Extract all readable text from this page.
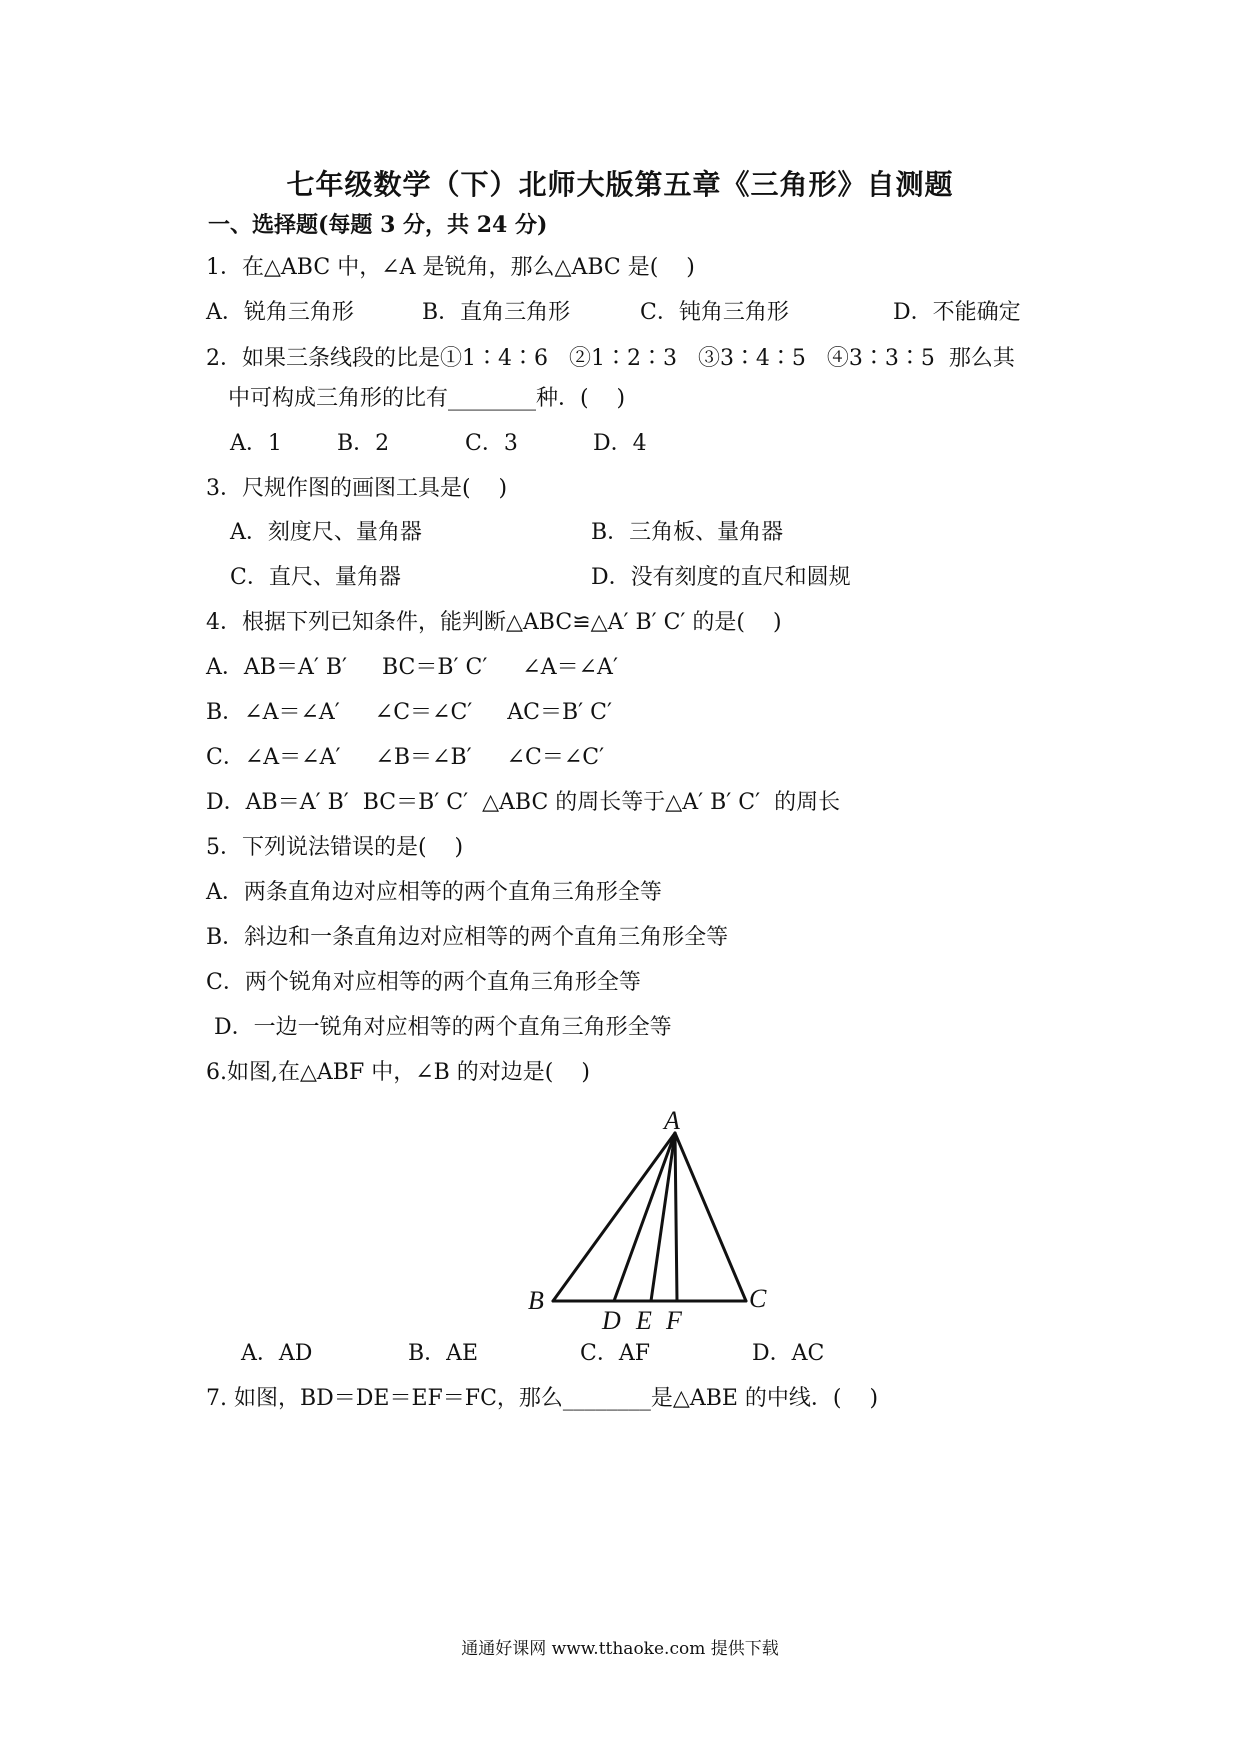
七年级数学（下）北师大版第五章《三角形》自测题
一、选择题(每题 3 分，共 24 分)
1．在△ABC 中，∠A 是锐角，那么△ABC 是(    )
A．锐角三角形	B．直角三角形	C．钝角三角形	D．不能确定
2．如果三条线段的比是①1∶4∶6   ②1∶2∶3   ③3∶4∶5   ④3∶3∶5  那么其
中可构成三角形的比有________种．(    )
A．1	B．2	C．3	D．4
3．尺规作图的画图工具是(    )
A．刻度尺、量角器	B．三角板、量角器
C．直尺、量角器	D．没有刻度的直尺和圆规
4．根据下列已知条件，能判断△ABC≌△A′ B′ C′ 的是(    )
A．AB＝A′ B′     BC＝B′ C′     ∠A＝∠A′
B．∠A＝∠A′     ∠C＝∠C′     AC＝B′ C′
C．∠A＝∠A′     ∠B＝∠B′     ∠C＝∠C′
D．AB＝A′ B′  BC＝B′ C′  △ABC 的周长等于△A′ B′ C′  的周长
5．下列说法错误的是(    )
A．两条直角边对应相等的两个直角三角形全等
B．斜边和一条直角边对应相等的两个直角三角形全等
C．两个锐角对应相等的两个直角三角形全等
D．一边一锐角对应相等的两个直角三角形全等
6.如图,在△ABF 中，∠B 的对边是(    )
A
B	C
D E F
A．AD	B．AE	C．AF	D．AC
7. 如图，BD＝DE＝EF＝FC，那么________是△ABE 的中线．(    )
通通好课网 www.tthaoke.com 提供下载
